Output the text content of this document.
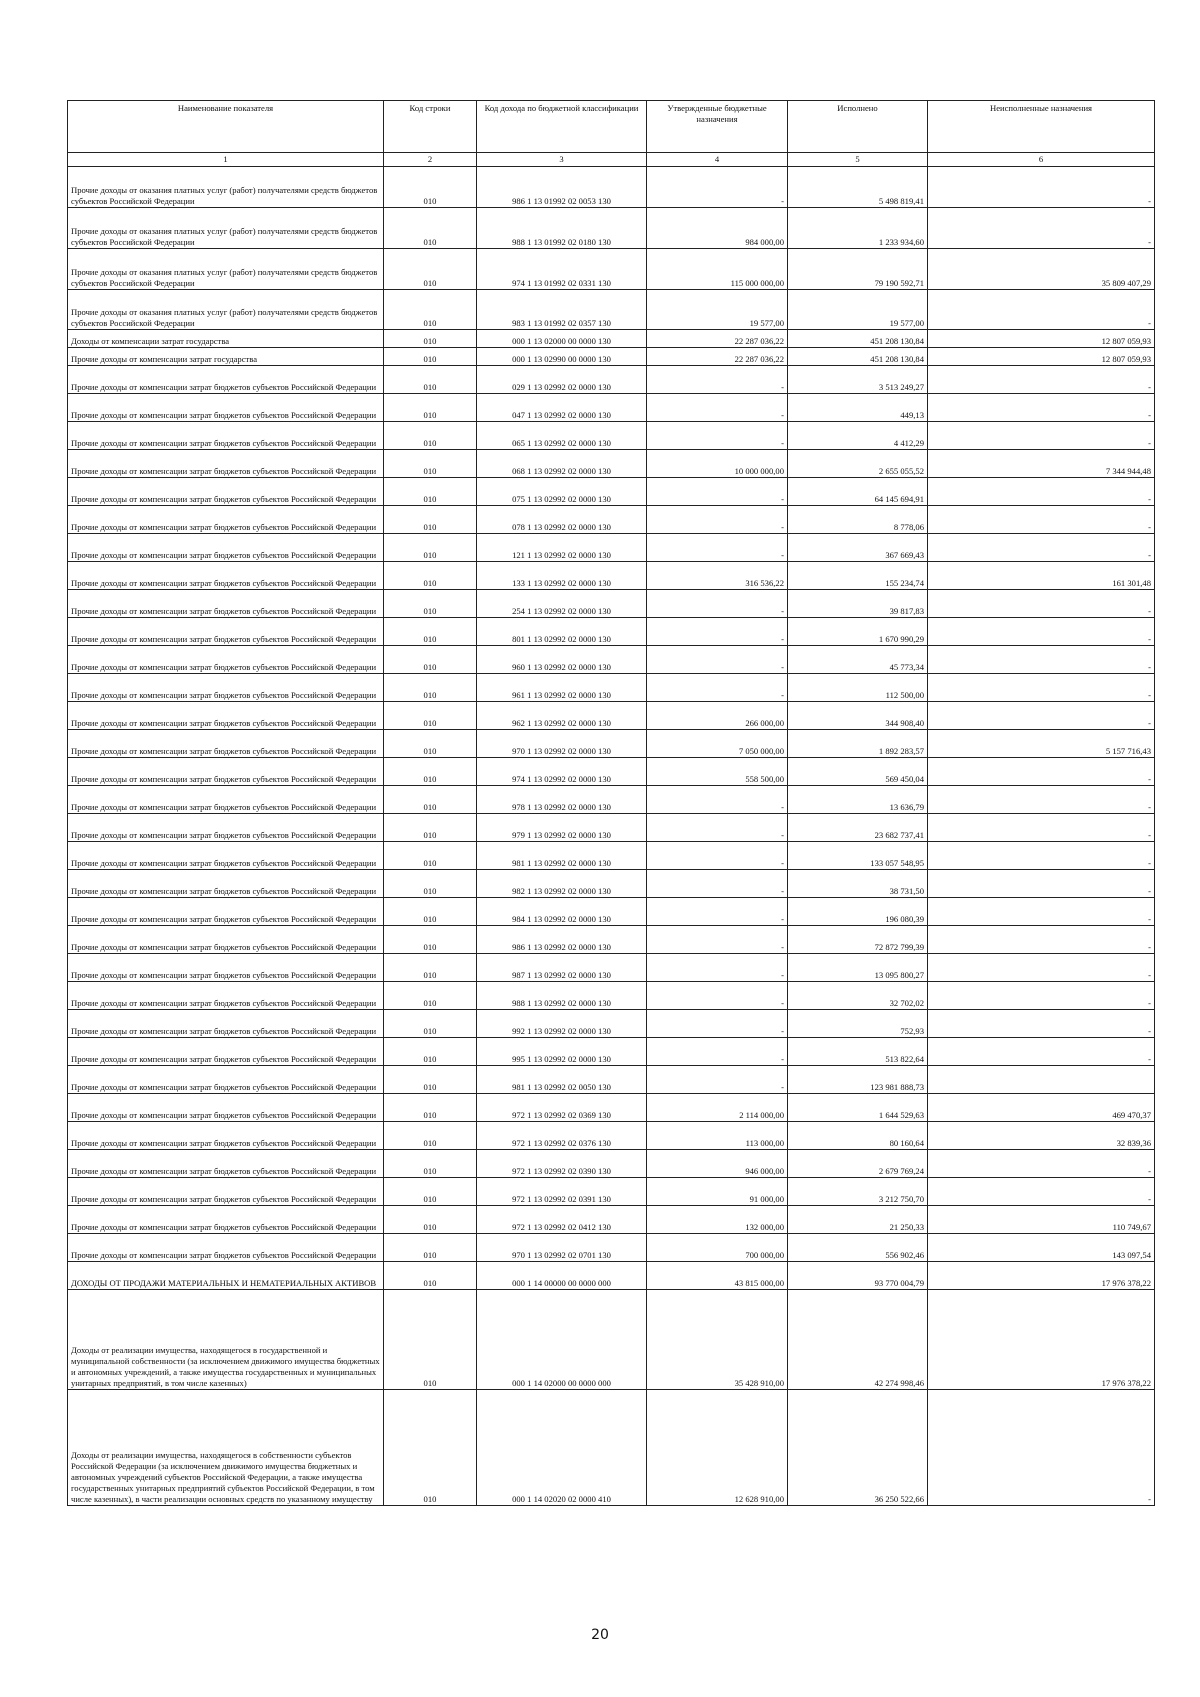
Наименование показателя	Код строки	Код дохода по бюджетной классификации	Утвержденные бюджетные назначения	Исполнено	Неисполненные назначения
1	2	3	4	5	6
Прочие доходы от оказания платных услуг (работ) получателями средств бюджетов субъектов Российской Федерации	010	986 1 13 01992 02 0053 130	-	5 498 819,41	-
Прочие доходы от оказания платных услуг (работ) получателями средств бюджетов субъектов Российской Федерации	010	988 1 13 01992 02 0180 130	984 000,00	1 233 934,60	-
Прочие доходы от оказания платных услуг (работ) получателями средств бюджетов субъектов Российской Федерации	010	974 1 13 01992 02 0331 130	115 000 000,00	79 190 592,71	35 809 407,29
Прочие доходы от оказания платных услуг (работ) получателями средств бюджетов субъектов Российской Федерации	010	983 1 13 01992 02 0357 130	19 577,00	19 577,00	-
Доходы от компенсации затрат государства	010	000 1 13 02000 00 0000 130	22 287 036,22	451 208 130,84	12 807 059,93
Прочие доходы от компенсации затрат государства	010	000 1 13 02990 00 0000 130	22 287 036,22	451 208 130,84	12 807 059,93
Прочие доходы от компенсации затрат бюджетов субъектов Российской Федерации	010	029 1 13 02992 02 0000 130	-	3 513 249,27	-
Прочие доходы от компенсации затрат бюджетов субъектов Российской Федерации	010	047 1 13 02992 02 0000 130	-	449,13	-
Прочие доходы от компенсации затрат бюджетов субъектов Российской Федерации	010	065 1 13 02992 02 0000 130	-	4 412,29	-
Прочие доходы от компенсации затрат бюджетов субъектов Российской Федерации	010	068 1 13 02992 02 0000 130	10 000 000,00	2 655 055,52	7 344 944,48
Прочие доходы от компенсации затрат бюджетов субъектов Российской Федерации	010	075 1 13 02992 02 0000 130	-	64 145 694,91	-
Прочие доходы от компенсации затрат бюджетов субъектов Российской Федерации	010	078 1 13 02992 02 0000 130	-	8 778,06	-
Прочие доходы от компенсации затрат бюджетов субъектов Российской Федерации	010	121 1 13 02992 02 0000 130	-	367 669,43	-
Прочие доходы от компенсации затрат бюджетов субъектов Российской Федерации	010	133 1 13 02992 02 0000 130	316 536,22	155 234,74	161 301,48
Прочие доходы от компенсации затрат бюджетов субъектов Российской Федерации	010	254 1 13 02992 02 0000 130	-	39 817,83	-
Прочие доходы от компенсации затрат бюджетов субъектов Российской Федерации	010	801 1 13 02992 02 0000 130	-	1 670 990,29	-
Прочие доходы от компенсации затрат бюджетов субъектов Российской Федерации	010	960 1 13 02992 02 0000 130	-	45 773,34	-
Прочие доходы от компенсации затрат бюджетов субъектов Российской Федерации	010	961 1 13 02992 02 0000 130	-	112 500,00	-
Прочие доходы от компенсации затрат бюджетов субъектов Российской Федерации	010	962 1 13 02992 02 0000 130	266 000,00	344 908,40	-
Прочие доходы от компенсации затрат бюджетов субъектов Российской Федерации	010	970 1 13 02992 02 0000 130	7 050 000,00	1 892 283,57	5 157 716,43
Прочие доходы от компенсации затрат бюджетов субъектов Российской Федерации	010	974 1 13 02992 02 0000 130	558 500,00	569 450,04	-
Прочие доходы от компенсации затрат бюджетов субъектов Российской Федерации	010	978 1 13 02992 02 0000 130	-	13 636,79	-
Прочие доходы от компенсации затрат бюджетов субъектов Российской Федерации	010	979 1 13 02992 02 0000 130	-	23 682 737,41	-
Прочие доходы от компенсации затрат бюджетов субъектов Российской Федерации	010	981 1 13 02992 02 0000 130	-	133 057 548,95	-
Прочие доходы от компенсации затрат бюджетов субъектов Российской Федерации	010	982 1 13 02992 02 0000 130	-	38 731,50	-
Прочие доходы от компенсации затрат бюджетов субъектов Российской Федерации	010	984 1 13 02992 02 0000 130	-	196 080,39	-
Прочие доходы от компенсации затрат бюджетов субъектов Российской Федерации	010	986 1 13 02992 02 0000 130	-	72 872 799,39	-
Прочие доходы от компенсации затрат бюджетов субъектов Российской Федерации	010	987 1 13 02992 02 0000 130	-	13 095 800,27	-
Прочие доходы от компенсации затрат бюджетов субъектов Российской Федерации	010	988 1 13 02992 02 0000 130	-	32 702,02	-
Прочие доходы от компенсации затрат бюджетов субъектов Российской Федерации	010	992 1 13 02992 02 0000 130	-	752,93	-
Прочие доходы от компенсации затрат бюджетов субъектов Российской Федерации	010	995 1 13 02992 02 0000 130	-	513 822,64	-
Прочие доходы от компенсации затрат бюджетов субъектов Российской Федерации	010	981 1 13 02992 02 0050 130	-	123 981 888,73	
Прочие доходы от компенсации затрат бюджетов субъектов Российской Федерации	010	972 1 13 02992 02 0369 130	2 114 000,00	1 644 529,63	469 470,37
Прочие доходы от компенсации затрат бюджетов субъектов Российской Федерации	010	972 1 13 02992 02 0376 130	113 000,00	80 160,64	32 839,36
Прочие доходы от компенсации затрат бюджетов субъектов Российской Федерации	010	972 1 13 02992 02 0390 130	946 000,00	2 679 769,24	-
Прочие доходы от компенсации затрат бюджетов субъектов Российской Федерации	010	972 1 13 02992 02 0391 130	91 000,00	3 212 750,70	-
Прочие доходы от компенсации затрат бюджетов субъектов Российской Федерации	010	972 1 13 02992 02 0412 130	132 000,00	21 250,33	110 749,67
Прочие доходы от компенсации затрат бюджетов субъектов Российской Федерации	010	970 1 13 02992 02 0701 130	700 000,00	556 902,46	143 097,54
ДОХОДЫ ОТ ПРОДАЖИ МАТЕРИАЛЬНЫХ И НЕМАТЕРИАЛЬНЫХ АКТИВОВ	010	000 1 14 00000 00 0000 000	43 815 000,00	93 770 004,79	17 976 378,22
Доходы от реализации имущества, находящегося в государственной и муниципальной собственности (за исключением движимого имущества бюджетных и автономных учреждений, а также имущества государственных и муниципальных унитарных предприятий, в том числе казенных)	010	000 1 14 02000 00 0000 000	35 428 910,00	42 274 998,46	17 976 378,22
Доходы от реализации имущества, находящегося в собственности субъектов Российской Федерации (за исключением движимого имущества бюджетных и автономных учреждений субъектов Российской Федерации, а также имущества государственных унитарных предприятий субъектов Российской Федерации, в том числе казенных), в части реализации основных средств по указанному имуществу	010	000 1 14 02020 02 0000 410	12 628 910,00	36 250 522,66	-
20
